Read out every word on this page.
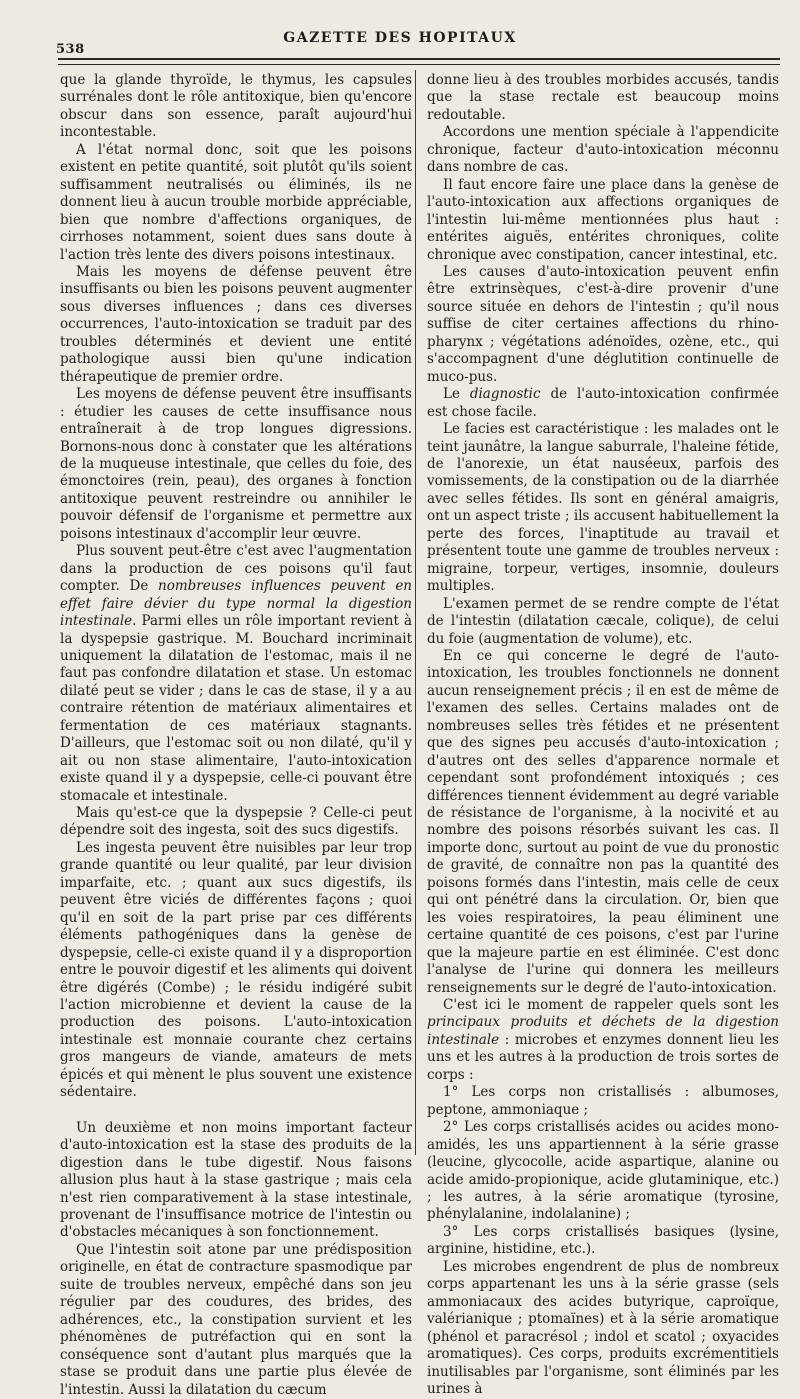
538
GAZETTE DES HOPITAUX

que la glande thyroïde, le thymus, les capsules surrénales dont le rôle antitoxique, bien qu'encore obscur dans son essence, paraît aujourd'hui incontestable.

A l'état normal donc, soit que les poisons existent en petite quantité, soit plutôt qu'ils soient suffisamment neutralisés ou éliminés, ils ne donnent lieu à aucun trouble morbide appréciable, bien que nombre d'affections organiques, de cirrhoses notamment, soient dues sans doute à l'action très lente des divers poisons intestinaux.

Mais les moyens de défense peuvent être insuffisants ou bien les poisons peuvent augmenter sous diverses influences ; dans ces diverses occurrences, l'auto-intoxication se traduit par des troubles déterminés et devient une entité pathologique aussi bien qu'une indication thérapeutique de premier ordre.

Les moyens de défense peuvent être insuffisants : étudier les causes de cette insuffisance nous entraînerait à de trop longues digressions. Bornons-nous donc à constater que les altérations de la muqueuse intestinale, que celles du foie, des émonctoires (rein, peau), des organes à fonction antitoxique peuvent restreindre ou annihiler le pouvoir défensif de l'organisme et permettre aux poisons intestinaux d'accomplir leur œuvre.

Plus souvent peut-être c'est avec l'augmentation dans la production de ces poisons qu'il faut compter. De nombreuses influences peuvent en effet faire dévier du type normal la digestion intestinale. Parmi elles un rôle important revient à la dyspepsie gastrique. M. Bouchard incriminait uniquement la dilatation de l'estomac, mais il ne faut pas confondre dilatation et stase. Un estomac dilaté peut se vider ; dans le cas de stase, il y a au contraire rétention de matériaux alimentaires et fermentation de ces matériaux stagnants. D'ailleurs, que l'estomac soit ou non dilaté, qu'il y ait ou non stase alimentaire, l'auto-intoxication existe quand il y a dyspepsie, celle-ci pouvant être stomacale et intestinale.

Mais qu'est-ce que la dyspepsie ? Celle-ci peut dépendre soit des ingesta, soit des sucs digestifs.

Les ingesta peuvent être nuisibles par leur trop grande quantité ou leur qualité, par leur division imparfaite, etc. ; quant aux sucs digestifs, ils peuvent être viciés de différentes façons ; quoi qu'il en soit de la part prise par ces différents éléments pathogéniques dans la genèse de dyspepsie, celle-ci existe quand il y a disproportion entre le pouvoir digestif et les aliments qui doivent être digérés (Combe) ; le résidu indigéré subit l'action microbienne et devient la cause de la production des poisons. L'auto-intoxication intestinale est monnaie courante chez certains gros mangeurs de viande, amateurs de mets épicés et qui mènent le plus souvent une existence sédentaire.

Un deuxième et non moins important facteur d'auto-intoxication est la stase des produits de la digestion dans le tube digestif. Nous faisons allusion plus haut à la stase gastrique ; mais cela n'est rien comparativement à la stase intestinale, provenant de l'insuffisance motrice de l'intestin ou d'obstacles mécaniques à son fonctionnement.

Que l'intestin soit atone par une prédisposition originelle, en état de contracture spasmodique par suite de troubles nerveux, empêché dans son jeu régulier par des coudures, des brides, des adhérences, etc., la constipation survient et les phénomènes de putréfaction qui en sont la conséquence sont d'autant plus marqués que la stase se produit dans une partie plus élevée de l'intestin. Aussi la dilatation du cæcum

donne lieu à des troubles morbides accusés, tandis que la stase rectale est beaucoup moins redoutable.

Accordons une mention spéciale à l'appendicite chronique, facteur d'auto-intoxication méconnu dans nombre de cas.

Il faut encore faire une place dans la genèse de l'auto-intoxication aux affections organiques de l'intestin lui-même mentionnées plus haut : entérites aiguës, entérites chroniques, colite chronique avec constipation, cancer intestinal, etc.

Les causes d'auto-intoxication peuvent enfin être extrinsèques, c'est-à-dire provenir d'une source située en dehors de l'intestin ; qu'il nous suffise de citer certaines affections du rhino-pharynx ; végétations adénoïdes, ozène, etc., qui s'accompagnent d'une déglutition continuelle de muco-pus.

Le diagnostic de l'auto-intoxication confirmée est chose facile.

Le facies est caractéristique : les malades ont le teint jaunâtre, la langue saburrale, l'haleine fétide, de l'anorexie, un état nauséeux, parfois des vomissements, de la constipation ou de la diarrhée avec selles fétides. Ils sont en général amaigris, ont un aspect triste ; ils accusent habituellement la perte des forces, l'inaptitude au travail et présentent toute une gamme de troubles nerveux : migraine, torpeur, vertiges, insomnie, douleurs multiples.

L'examen permet de se rendre compte de l'état de l'intestin (dilatation cæcale, colique), de celui du foie (augmentation de volume), etc.

En ce qui concerne le degré de l'auto-intoxication, les troubles fonctionnels ne donnent aucun renseignement précis ; il en est de même de l'examen des selles. Certains malades ont de nombreuses selles très fétides et ne présentent que des signes peu accusés d'auto-intoxication ; d'autres ont des selles d'apparence normale et cependant sont profondément intoxiqués ; ces différences tiennent évidemment au degré variable de résistance de l'organisme, à la nocivité et au nombre des poisons résorbés suivant les cas. Il importe donc, surtout au point de vue du pronostic de gravité, de connaître non pas la quantité des poisons formés dans l'intestin, mais celle de ceux qui ont pénétré dans la circulation. Or, bien que les voies respiratoires, la peau éliminent une certaine quantité de ces poisons, c'est par l'urine que la majeure partie en est éliminée. C'est donc l'analyse de l'urine qui donnera les meilleurs renseignements sur le degré de l'auto-intoxication.

C'est ici le moment de rappeler quels sont les principaux produits et déchets de la digestion intestinale : microbes et enzymes donnent lieu les uns et les autres à la production de trois sortes de corps :

1° Les corps non cristallisés : albumoses, peptone, ammoniaque ;

2° Les corps cristallisés acides ou acides mono-amidés, les uns appartiennent à la série grasse (leucine, glycocolle, acide aspartique, alanine ou acide amido-propionique, acide glutaminique, etc.) ; les autres, à la série aromatique (tyrosine, phénylalanine, indolalanine) ;

3° Les corps cristallisés basiques (lysine, arginine, histidine, etc.).

Les microbes engendrent de plus de nombreux corps appartenant les uns à la série grasse (sels ammoniacaux des acides butyrique, caproïque, valérianique ; ptomaïnes) et à la série aromatique (phénol et paracrésol ; indol et scatol ; oxyacides aromatiques). Ces corps, produits excrémentitiels inutilisables par l'organisme, sont éliminés par les urines à
